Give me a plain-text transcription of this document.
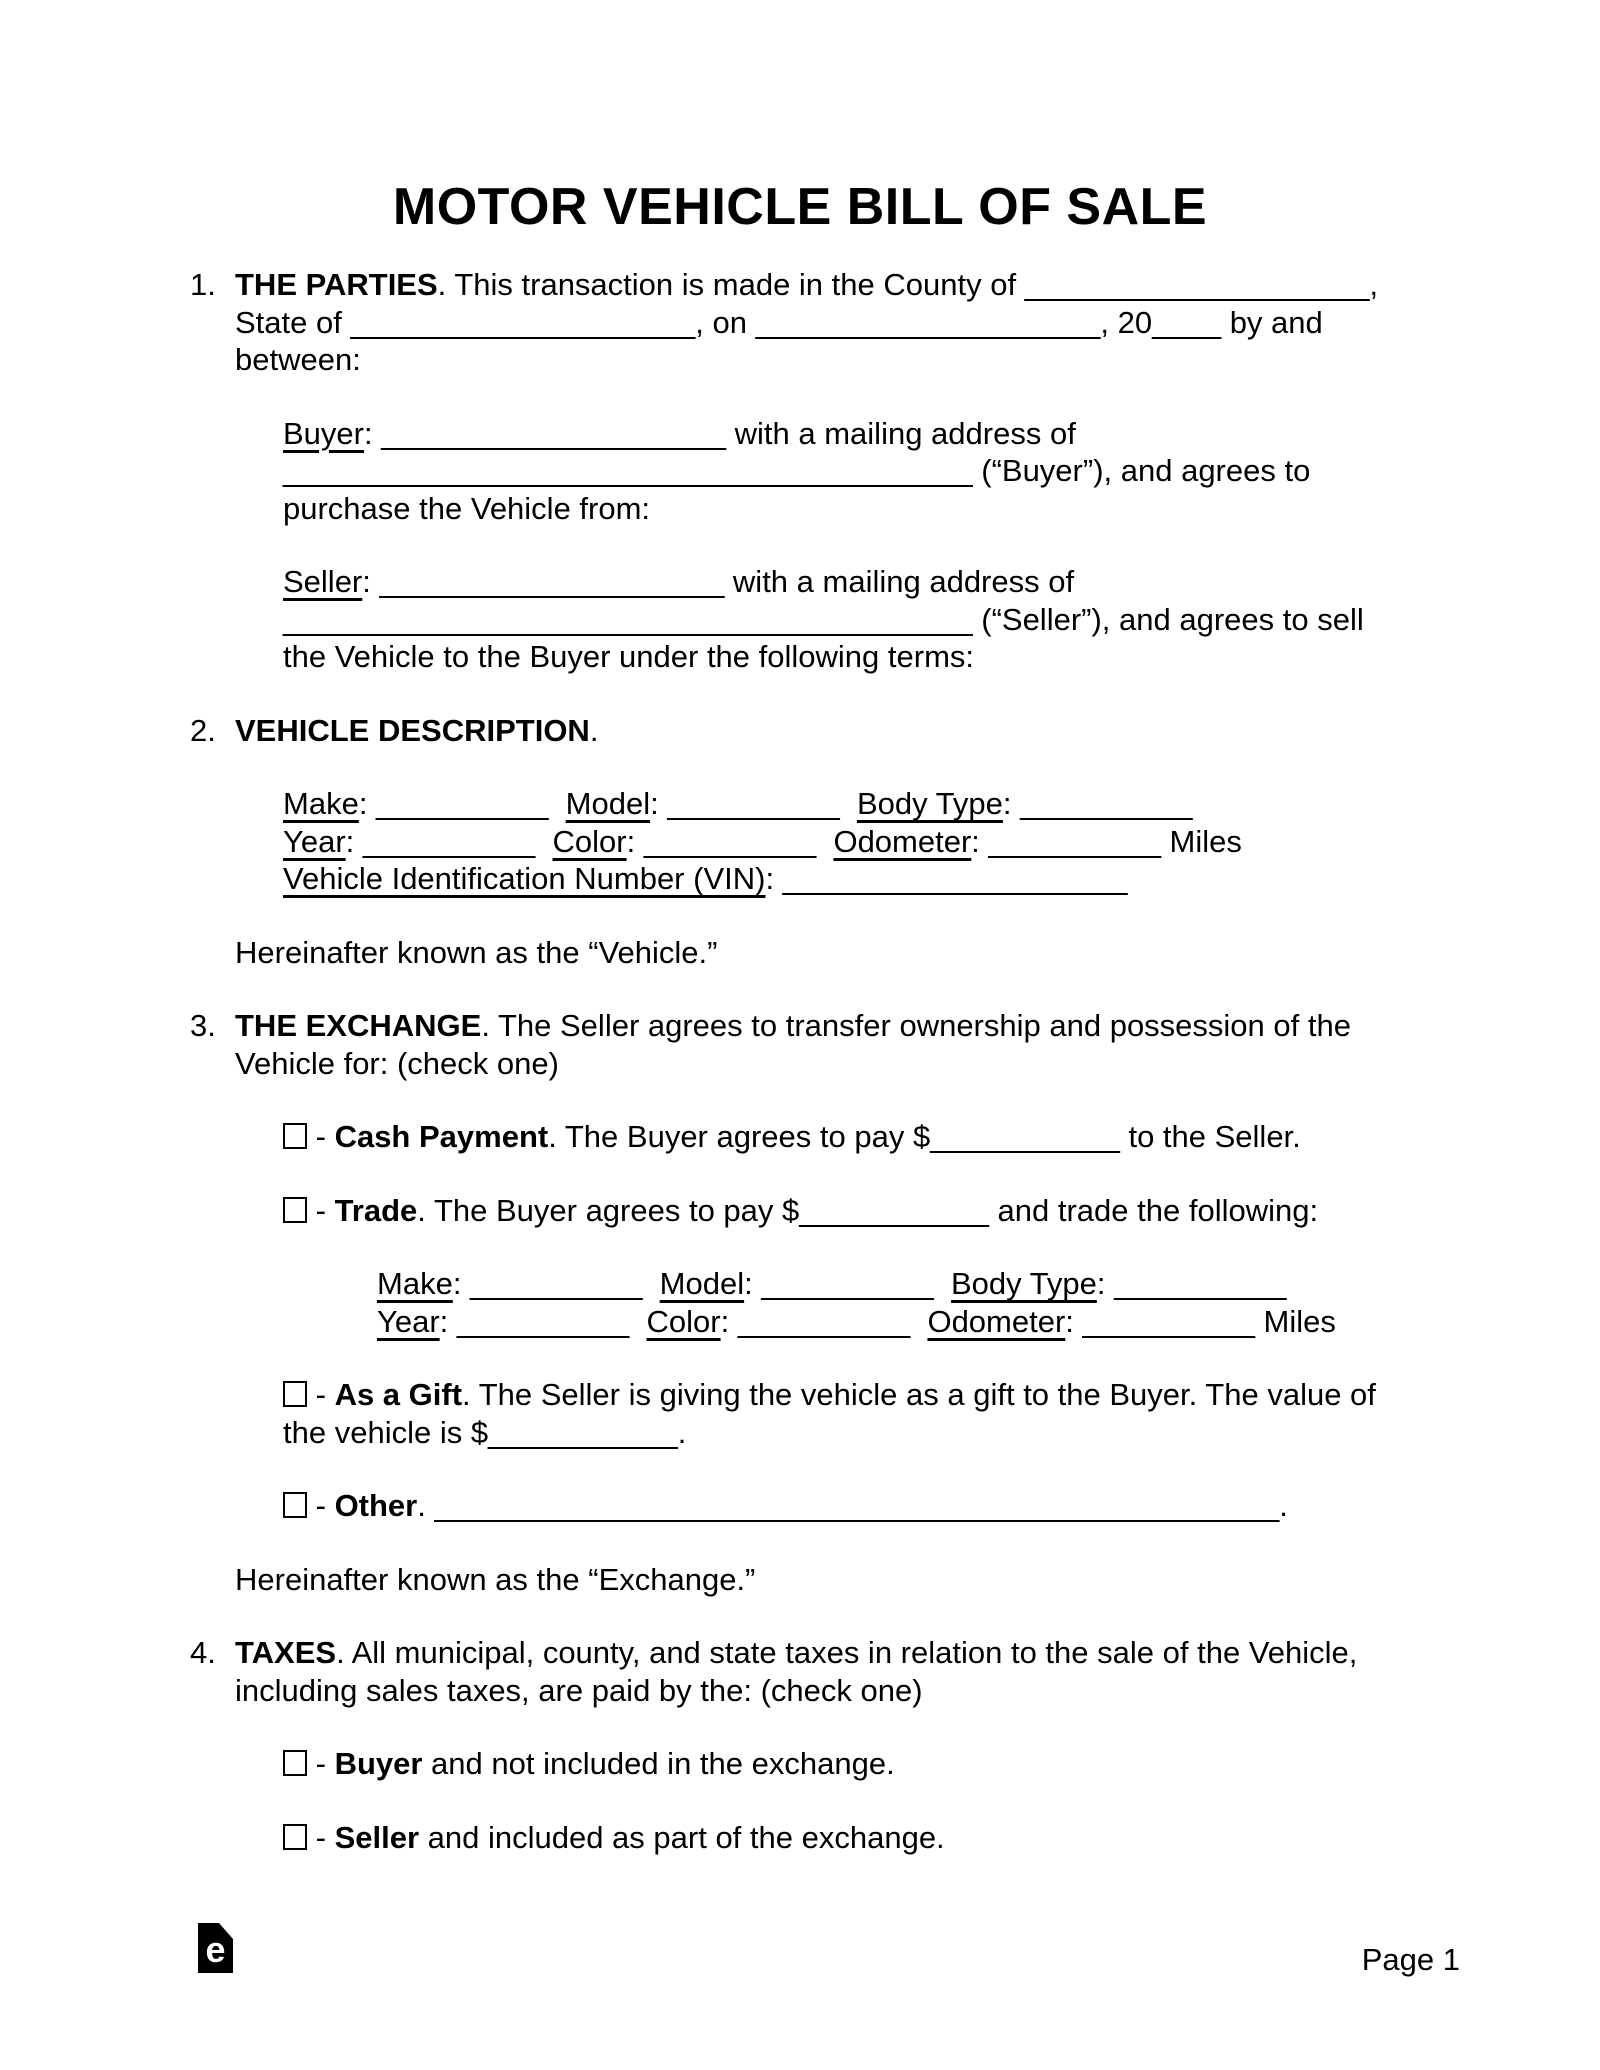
MOTOR VEHICLE BILL OF SALE
1. THE PARTIES. This transaction is made in the County of ____________________,
State of ____________________, on ____________________, 20____ by and
between:
Buyer: ____________________ with a mailing address of
________________________________________ (“Buyer”), and agrees to
purchase the Vehicle from:
Seller: ____________________ with a mailing address of
________________________________________ (“Seller”), and agrees to sell
the Vehicle to the Buyer under the following terms:
2. VEHICLE DESCRIPTION.
Make: __________  Model: __________  Body Type: __________
Year: __________  Color: __________  Odometer: __________ Miles
Vehicle Identification Number (VIN): ____________________
Hereinafter known as the “Vehicle.”
3. THE EXCHANGE. The Seller agrees to transfer ownership and possession of the
Vehicle for: (check one)
- Cash Payment. The Buyer agrees to pay $___________ to the Seller.
- Trade. The Buyer agrees to pay $___________ and trade the following:
Make: __________  Model: __________  Body Type: __________
Year: __________  Color: __________  Odometer: __________ Miles
- As a Gift. The Seller is giving the vehicle as a gift to the Buyer. The value of
the vehicle is $___________.
- Other. _________________________________________________.
Hereinafter known as the “Exchange.”
4. TAXES. All municipal, county, and state taxes in relation to the sale of the Vehicle,
including sales taxes, are paid by the: (check one)
- Buyer and not included in the exchange.
- Seller and included as part of the exchange.
e	Page 1
